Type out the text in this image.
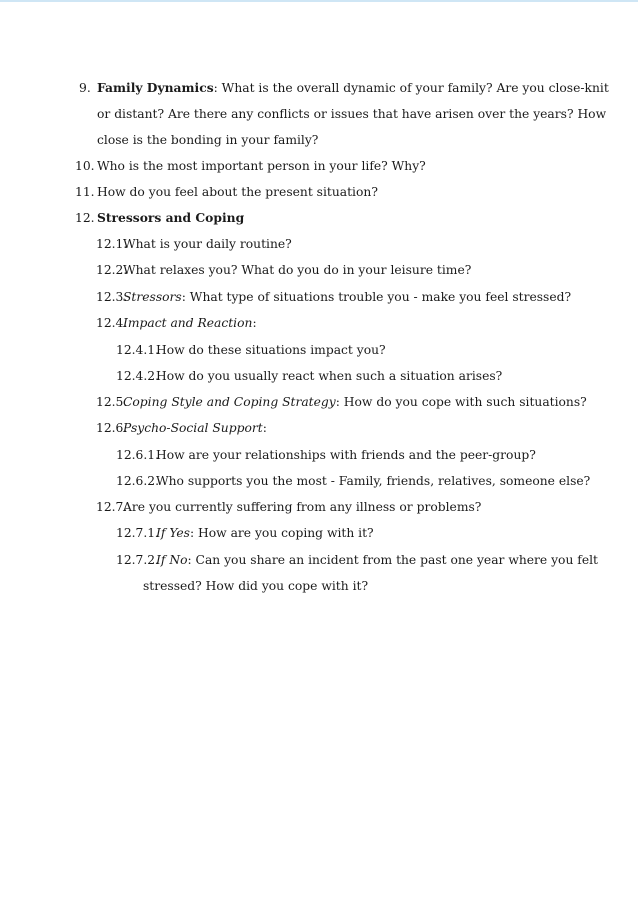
9. Family Dynamics: What is the overall dynamic of your family? Are you close-knit
or distant? Are there any conflicts or issues that have arisen over the years? How
close is the bonding in your family?
10. Who is the most important person in your life? Why?
11. How do you feel about the present situation?
12. Stressors and Coping
12.1.
What is your daily routine?
12.2.
What relaxes you? What do you do in your leisure time?
12.3.
Stressors: What type of situations trouble you - make you feel stressed?
12.4.
Impact and Reaction:
12.4.1.
How do these situations impact you?
12.4.2.
How do you usually react when such a situation arises?
12.5.
Coping Style and Coping Strategy: How do you cope with such situations?
12.6.
Psycho-Social Support:
12.6.1.
How are your relationships with friends and the peer-group?
12.6.2.
Who supports you the most - Family, friends, relatives, someone else?
12.7.
Are you currently suffering from any illness or problems?
12.7.1.
If Yes: How are you coping with it?
12.7.2.
If No: Can you share an incident from the past one year where you felt
stressed? How did you cope with it?
